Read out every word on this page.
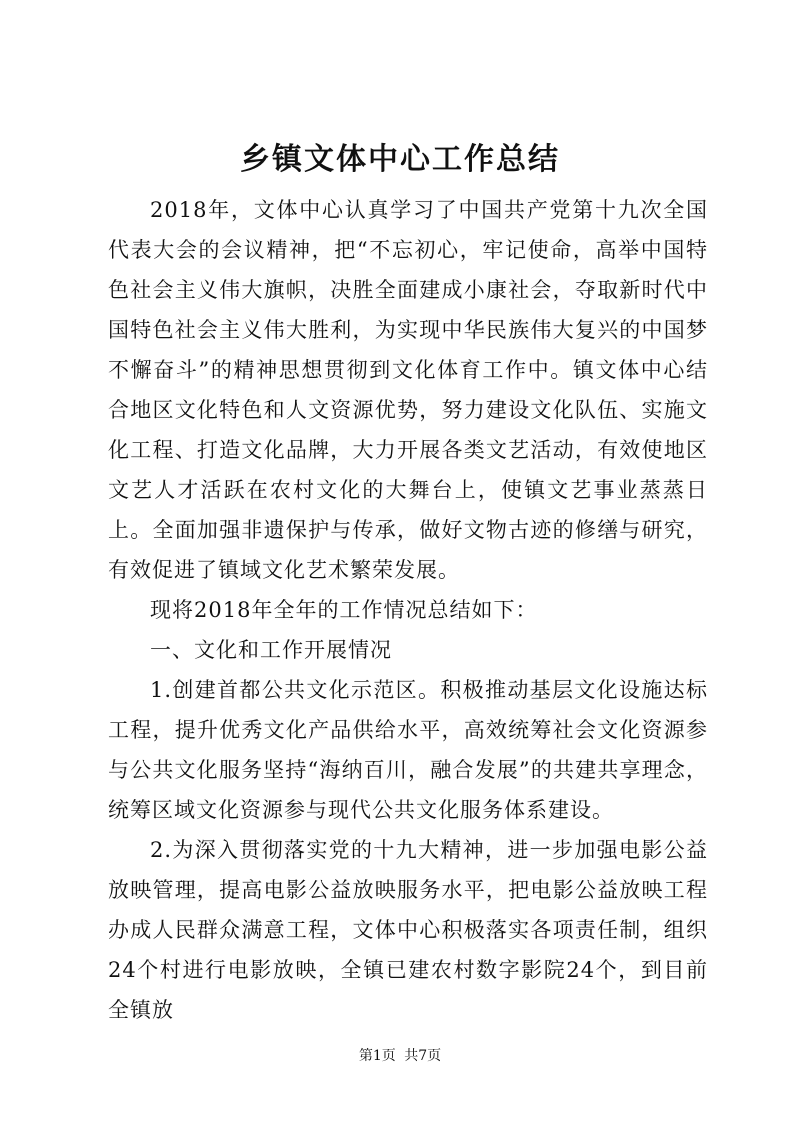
乡镇文体中心工作总结

2018年，文体中心认真学习了中国共产党第十九次全国代表大会的会议精神，把“不忘初心，牢记使命，高举中国特色社会主义伟大旗帜，决胜全面建成小康社会，夺取新时代中国特色社会主义伟大胜利，为实现中华民族伟大复兴的中国梦不懈奋斗”的精神思想贯彻到文化体育工作中。镇文体中心结合地区文化特色和人文资源优势，努力建设文化队伍、实施文化工程、打造文化品牌，大力开展各类文艺活动，有效使地区文艺人才活跃在农村文化的大舞台上，使镇文艺事业蒸蒸日上。全面加强非遗保护与传承，做好文物古迹的修缮与研究，有效促进了镇域文化艺术繁荣发展。

现将2018年全年的工作情况总结如下：

一、文化和工作开展情况

1.创建首都公共文化示范区。积极推动基层文化设施达标工程，提升优秀文化产品供给水平，高效统筹社会文化资源参与公共文化服务坚持“海纳百川，融合发展”的共建共享理念，统筹区域文化资源参与现代公共文化服务体系建设。

2.为深入贯彻落实党的十九大精神，进一步加强电影公益放映管理，提高电影公益放映服务水平，把电影公益放映工程办成人民群众满意工程，文体中心积极落实各项责任制，组织24个村进行电影放映，全镇已建农村数字影院24个，到目前全镇放

第1页 共7页
